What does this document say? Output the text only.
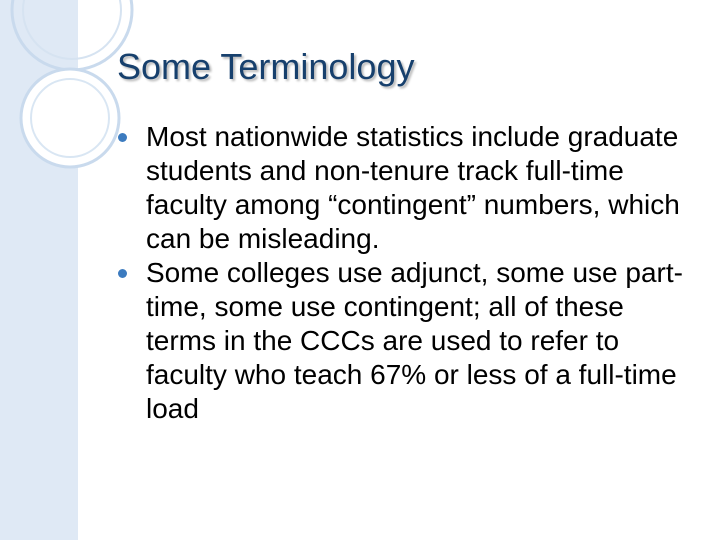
Some Terminology
Most nationwide statistics include graduate students and non-tenure track full-time faculty among “contingent” numbers, which can be misleading.
Some colleges use adjunct, some use part-time, some use contingent; all of these terms in the CCCs are used to refer to faculty who teach 67% or less of a full-time load
